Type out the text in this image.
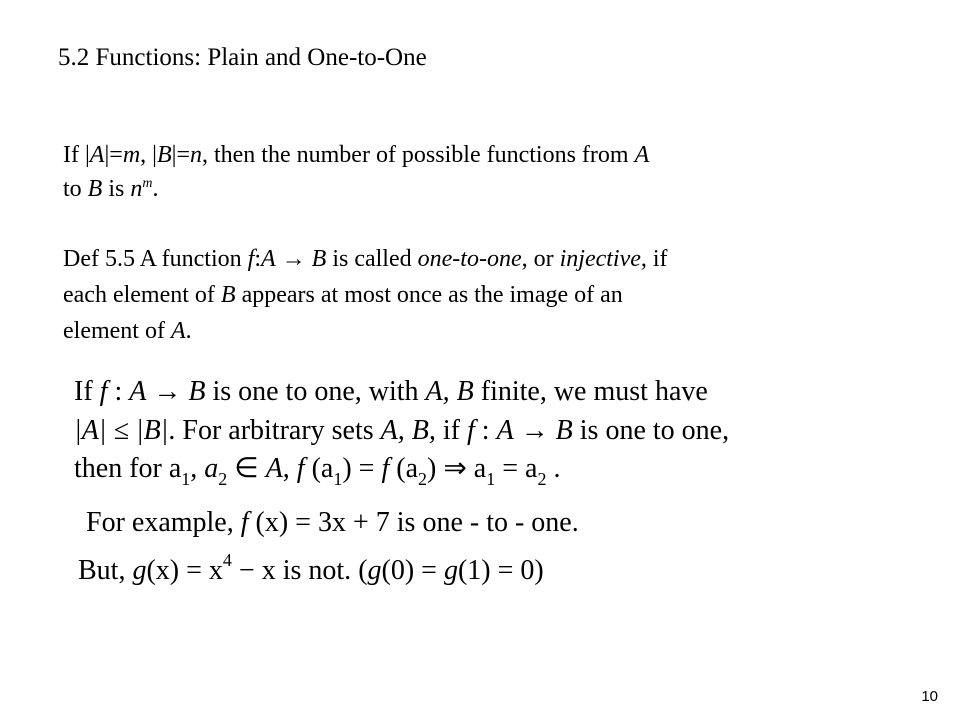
5.2 Functions: Plain and One-to-One
If |A|=m, |B|=n, then the number of possible functions from A
to B is $n^m$.
Def 5.5 A function f:A → B is called one-to-one, or injective, if
each element of B appears at most once as the image of an
element of A.
If f : A → B is one to one, with A, B finite, we must have
|A| ≤ |B|. For arbitrary sets A, B, if f : A → B is one to one,
then for $a_1$, $a_2$ ∈ A, f $(a_1) = f$ $(a_2)$ ⇒ $a_1 = a_2$ .
For example, f (x) = 3x + 7 is one - to - one.
But, $g(x) = x^4 - x$ is not. (g(0) = g(1) = 0)
10
